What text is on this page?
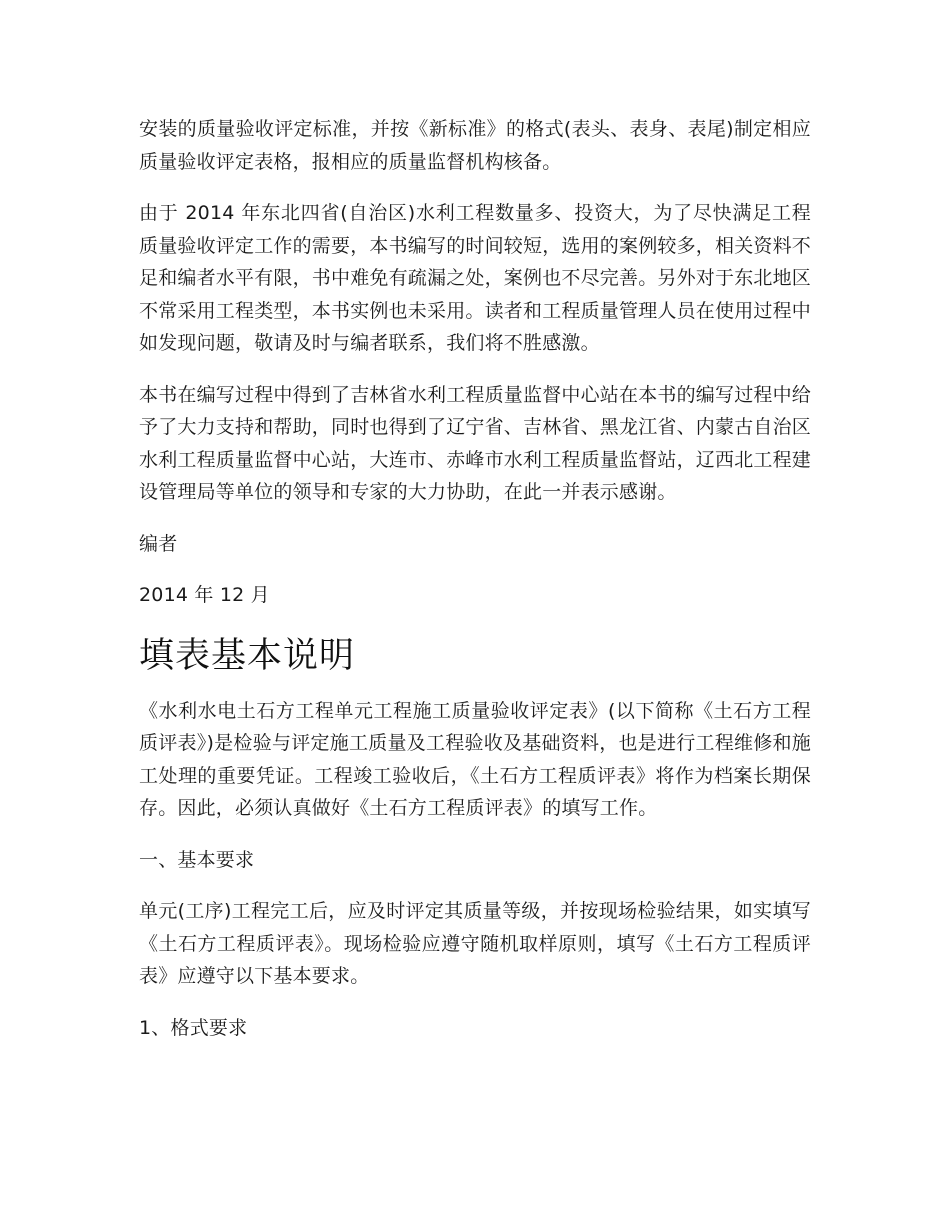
安装的质量验收评定标准，并按《新标准》的格式(表头、表身、表尾)制定相应质量验收评定表格，报相应的质量监督机构核备。

由于 2014 年东北四省(自治区)水利工程数量多、投资大，为了尽快满足工程质量验收评定工作的需要，本书编写的时间较短，选用的案例较多，相关资料不足和编者水平有限，书中难免有疏漏之处，案例也不尽完善。另外对于东北地区不常采用工程类型，本书实例也未采用。读者和工程质量管理人员在使用过程中如发现问题，敬请及时与编者联系，我们将不胜感激。

本书在编写过程中得到了吉林省水利工程质量监督中心站在本书的编写过程中给予了大力支持和帮助，同时也得到了辽宁省、吉林省、黑龙江省、内蒙古自治区水利工程质量监督中心站，大连市、赤峰市水利工程质量监督站，辽西北工程建设管理局等单位的领导和专家的大力协助，在此一并表示感谢。

编者

2014 年 12 月

填表基本说明

《水利水电土石方工程单元工程施工质量验收评定表》(以下简称《土石方工程质评表》)是检验与评定施工质量及工程验收及基础资料，也是进行工程维修和施工处理的重要凭证。工程竣工验收后，《土石方工程质评表》将作为档案长期保存。因此，必须认真做好《土石方工程质评表》的填写工作。

一、基本要求

单元(工序)工程完工后，应及时评定其质量等级，并按现场检验结果，如实填写《土石方工程质评表》。现场检验应遵守随机取样原则，填写《土石方工程质评表》应遵守以下基本要求。

1、格式要求
